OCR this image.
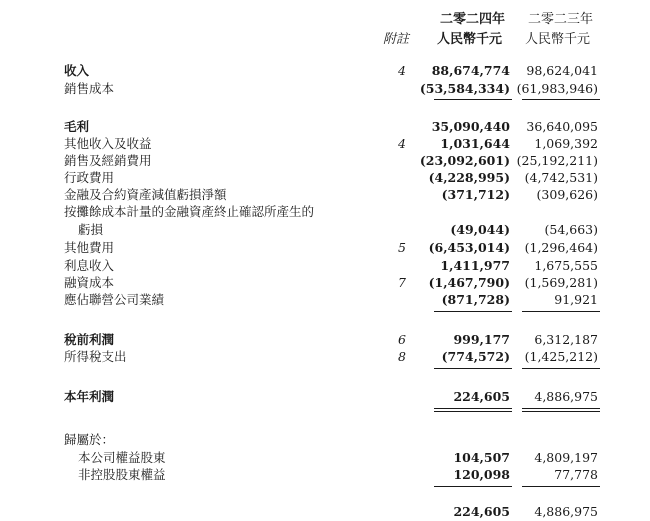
二零二四年 二零二三年
附註 人民幣千元 人民幣千元
收入	4 88,674,774 98,624,041
銷售成本	(53,584,334) (61,983,946)
毛利	35,090,440 36,640,095
其他收入及收益	4	1,031,644 1,069,392
銷售及經銷費用	(23,092,601) (25,192,211)
行政費用	(4,228,995) (4,742,531)
金融及合約資產減值虧損淨額	(371,712) (309,626)
按攤餘成本計量的金融資產終止確認所產生的
虧損	(49,044)	(54,663)
其他費用	5 (6,453,014) (1,296,464)
利息收入	1,411,977 1,675,555
融資成本	7 (1,467,790) (1,569,281)
應佔聯營公司業績	(871,728)	91,921
稅前利潤	6	999,177 6,312,187
所得稅支出	8	(774,572) (1,425,212)
本年利潤	224,605 4,886,975
歸屬於：
本公司權益股東	104,507 4,809,197
非控股股東權益	120,098	77,778
224,605 4,886,975
